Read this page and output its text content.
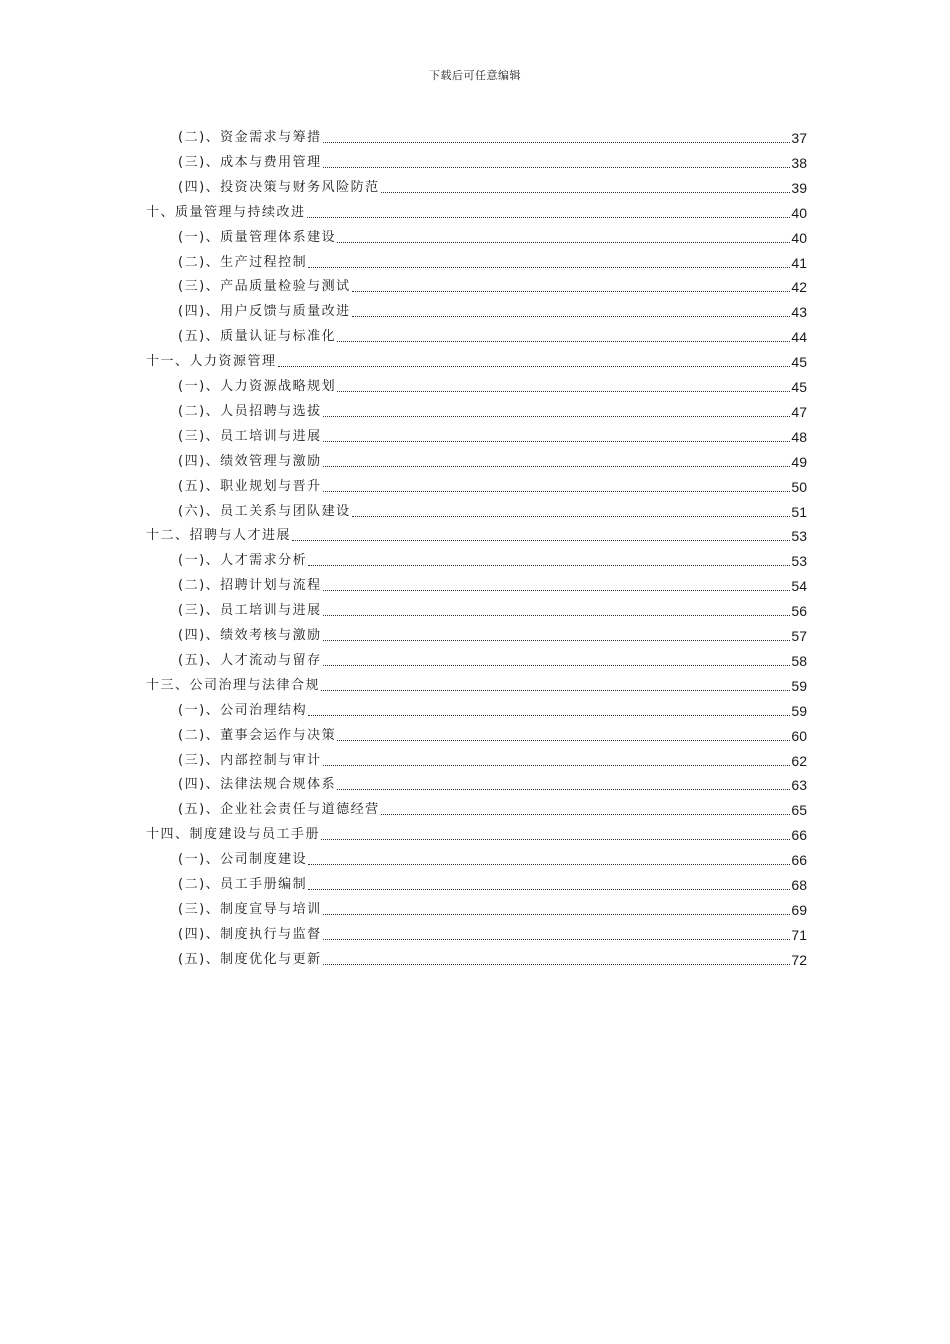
下载后可任意编辑
(二)、资金需求与筹措	37
(三)、成本与费用管理	38
(四)、投资决策与财务风险防范	39
十、质量管理与持续改进	40
(一)、质量管理体系建设	40
(二)、生产过程控制	41
(三)、产品质量检验与测试	42
(四)、用户反馈与质量改进	43
(五)、质量认证与标准化	44
十一、人力资源管理	45
(一)、人力资源战略规划	45
(二)、人员招聘与选拔	47
(三)、员工培训与进展	48
(四)、绩效管理与激励	49
(五)、职业规划与晋升	50
(六)、员工关系与团队建设	51
十二、招聘与人才进展	53
(一)、人才需求分析	53
(二)、招聘计划与流程	54
(三)、员工培训与进展	56
(四)、绩效考核与激励	57
(五)、人才流动与留存	58
十三、公司治理与法律合规	59
(一)、公司治理结构	59
(二)、董事会运作与决策	60
(三)、内部控制与审计	62
(四)、法律法规合规体系	63
(五)、企业社会责任与道德经营	65
十四、制度建设与员工手册	66
(一)、公司制度建设	66
(二)、员工手册编制	68
(三)、制度宣导与培训	69
(四)、制度执行与监督	71
(五)、制度优化与更新	72
